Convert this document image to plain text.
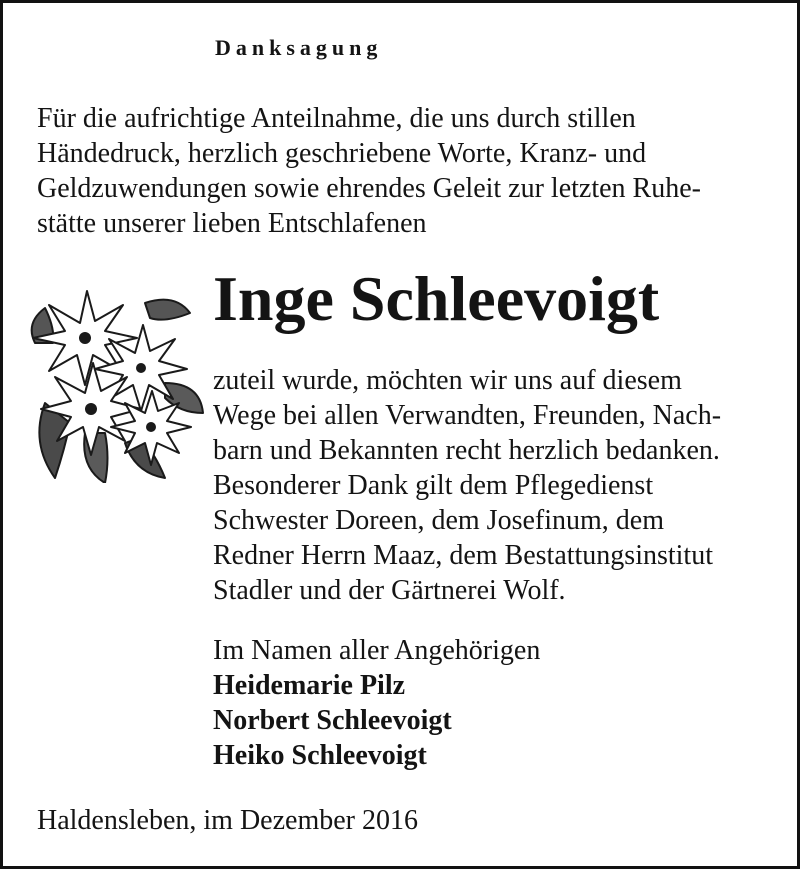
Danksagung
Für die aufrichtige Anteilnahme, die uns durch stillen
Händedruck, herzlich geschriebene Worte, Kranz- und
Geldzuwendungen sowie ehrendes Geleit zur letzten Ruhe-
stätte unserer lieben Entschlafenen
Inge Schleevoigt
zuteil wurde, möchten wir uns auf diesem
Wege bei allen Verwandten, Freunden, Nach-
barn und Bekannten recht herzlich bedanken.
Besonderer Dank gilt dem Pflegedienst
Schwester Doreen, dem Josefinum, dem
Redner Herrn Maaz, dem Bestattungsinstitut
Stadler und der Gärtnerei Wolf.
Im Namen aller Angehörigen
Heidemarie Pilz
Norbert Schleevoigt
Heiko Schleevoigt
Haldensleben, im Dezember 2016
